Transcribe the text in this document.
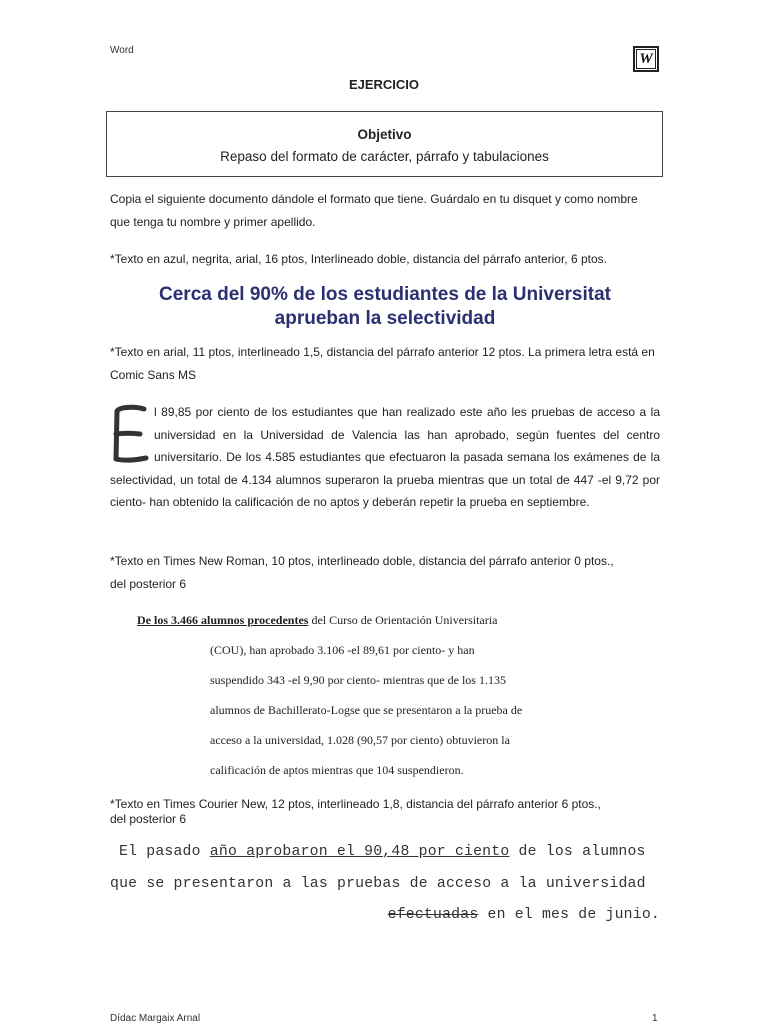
Word
W
EJERCICIO
Objetivo
Repaso del formato de carácter, párrafo y tabulaciones
Copia el siguiente documento dándole el formato que tiene. Guárdalo en tu disquet y como nombre que tenga tu nombre y primer apellido.
*Texto en azul, negrita, arial, 16 ptos, Interlineado doble, distancia del párrafo anterior, 6 ptos.
Cerca del 90% de los estudiantes de la Universitat
aprueban la selectividad
*Texto en arial, 11 ptos, interlineado 1,5, distancia del párrafo anterior 12 ptos. La primera letra está en Comic Sans MS
l 89,85 por ciento de los estudiantes que han realizado este año les pruebas de acceso a la universidad en la Universidad de Valencia las han aprobado, según fuentes del centro universitario. De los 4.585 estudiantes que efectuaron la pasada semana los exámenes de la selectividad, un total de 4.134 alumnos superaron la prueba mientras que un total de 447 -el 9,72 por ciento- han obtenido la calificación de no aptos y deberán repetir la prueba en septiembre.
*Texto en Times New Roman, 10 ptos, interlineado doble, distancia del párrafo anterior 0 ptos.,
del posterior 6
De los 3.466 alumnos procedentes del Curso de Orientación Universitaria
(COU), han aprobado 3.106 -el 89,61 por ciento- y han
suspendido 343 -el 9,90 por ciento- mientras que de los 1.135
alumnos de Bachillerato-Logse que se presentaron a la prueba de
acceso a la universidad, 1.028 (90,57 por ciento) obtuvieron la
calificación de aptos mientras que 104 suspendieron.
*Texto en Times Courier New, 12 ptos, interlineado 1,8, distancia del párrafo anterior 6 ptos.,
del posterior 6
El pasado año aprobaron el 90,48 por ciento de los alumnos
que se presentaron a las pruebas de acceso a la universidad
efectuadas en el mes de junio.
Dídac Margaix Arnal	1
